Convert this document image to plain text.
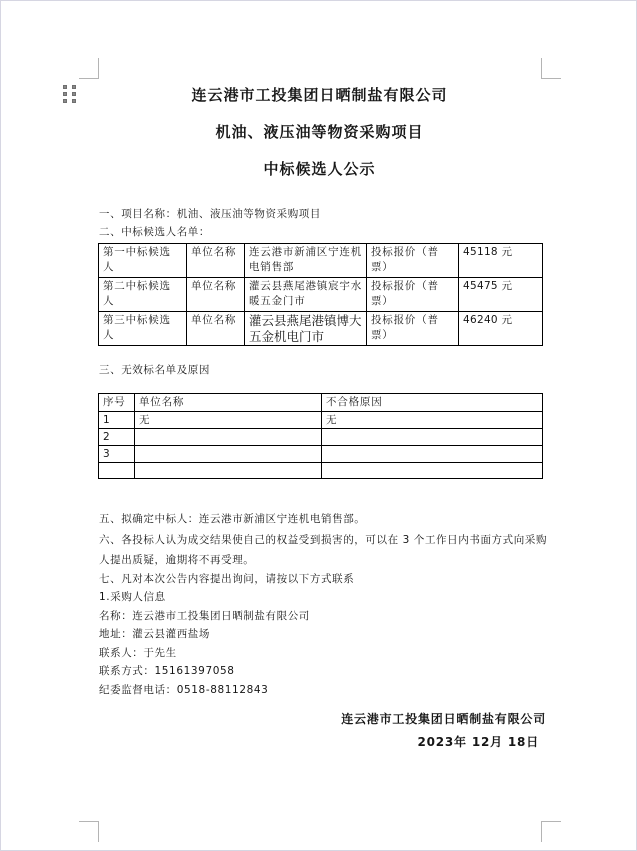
连云港市工投集团日晒制盐有限公司
机油、液压油等物资采购项目
中标候选人公示
一、项目名称：机油、液压油等物资采购项目
二、中标候选人名单：
第一中标候选人	单位名称	连云港市新浦区宁连机电销售部	投标报价（普票）	45118 元
第二中标候选人	单位名称	灌云县燕尾港镇宸宇水暖五金门市	投标报价（普票）	45475 元
第三中标候选人	单位名称	灌云县燕尾港镇博大五金机电门市	投标报价（普票）	46240 元
三、无效标名单及原因
序号	单位名称	不合格原因
1	无	无
2		
3		

五、拟确定中标人：连云港市新浦区宁连机电销售部。
六、各投标人认为成交结果使自己的权益受到损害的，可以在 3 个工作日内书面方式向采购人提出质疑，逾期将不再受理。
七、凡对本次公告内容提出询问，请按以下方式联系
1.采购人信息
名称：连云港市工投集团日晒制盐有限公司
地址：灌云县灌西盐场
联系人：于先生
联系方式：15161397058
纪委监督电话：0518-88112843
连云港市工投集团日晒制盐有限公司
2023年 12月 18日
